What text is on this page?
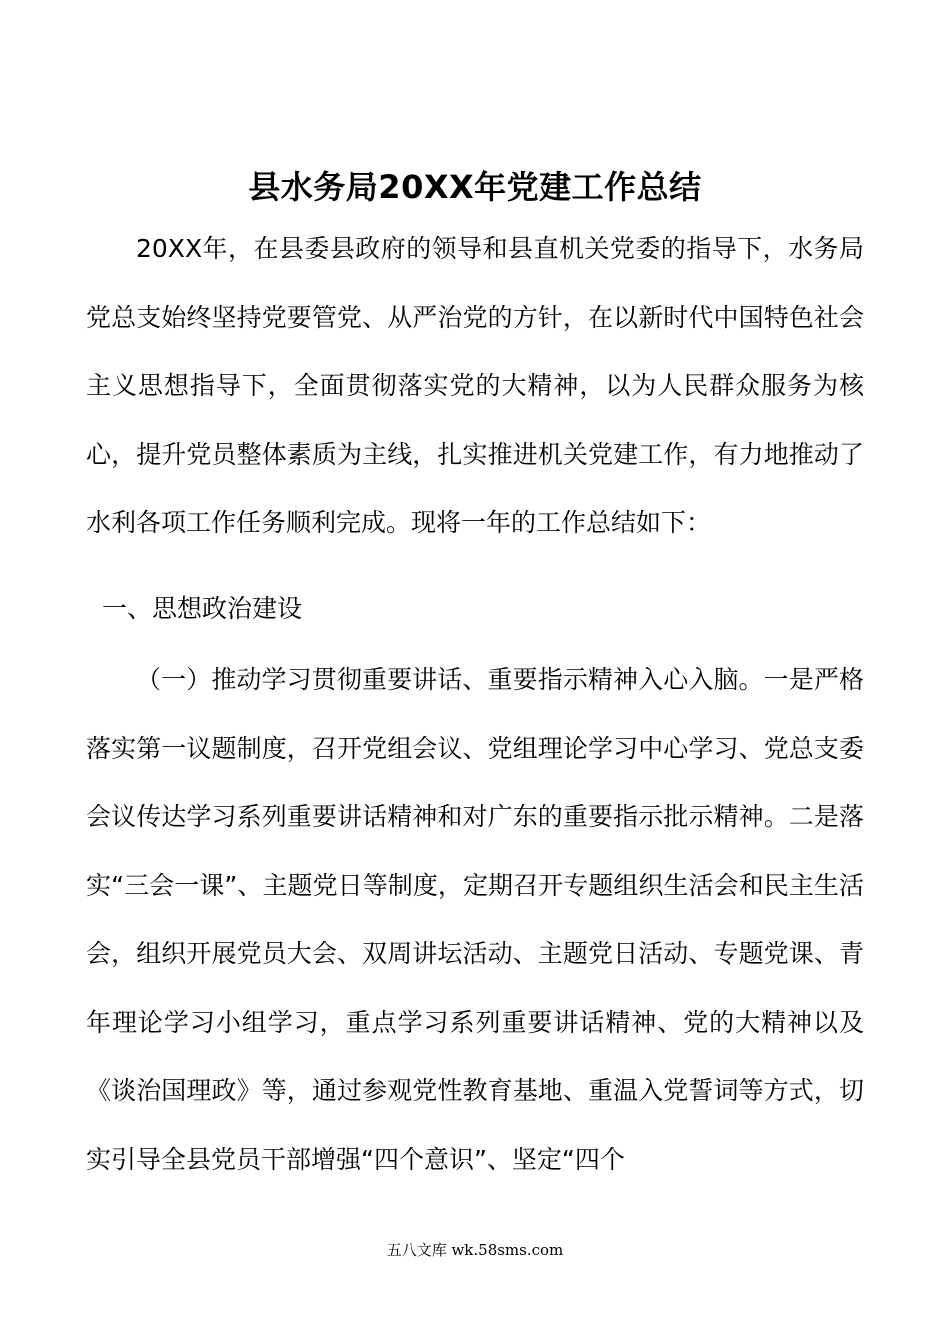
县水务局20XX年党建工作总结

20XX年，在县委县政府的领导和县直机关党委的指导下，水务局党总支始终坚持党要管党、从严治党的方针，在以新时代中国特色社会主义思想指导下，全面贯彻落实党的大精神，以为人民群众服务为核心，提升党员整体素质为主线，扎实推进机关党建工作，有力地推动了水利各项工作任务顺利完成。现将一年的工作总结如下：

一、思想政治建设

（一）推动学习贯彻重要讲话、重要指示精神入心入脑。一是严格落实第一议题制度，召开党组会议、党组理论学习中心学习、党总支委会议传达学习系列重要讲话精神和对广东的重要指示批示精神。二是落实“三会一课”、主题党日等制度，定期召开专题组织生活会和民主生活会，组织开展党员大会、双周讲坛活动、主题党日活动、专题党课、青年理论学习小组学习，重点学习系列重要讲话精神、党的大精神以及《谈治国理政》等，通过参观党性教育基地、重温入党誓词等方式，切实引导全县党员干部增强“四个意识”、坚定“四个

五八文库 wk.58sms.com
